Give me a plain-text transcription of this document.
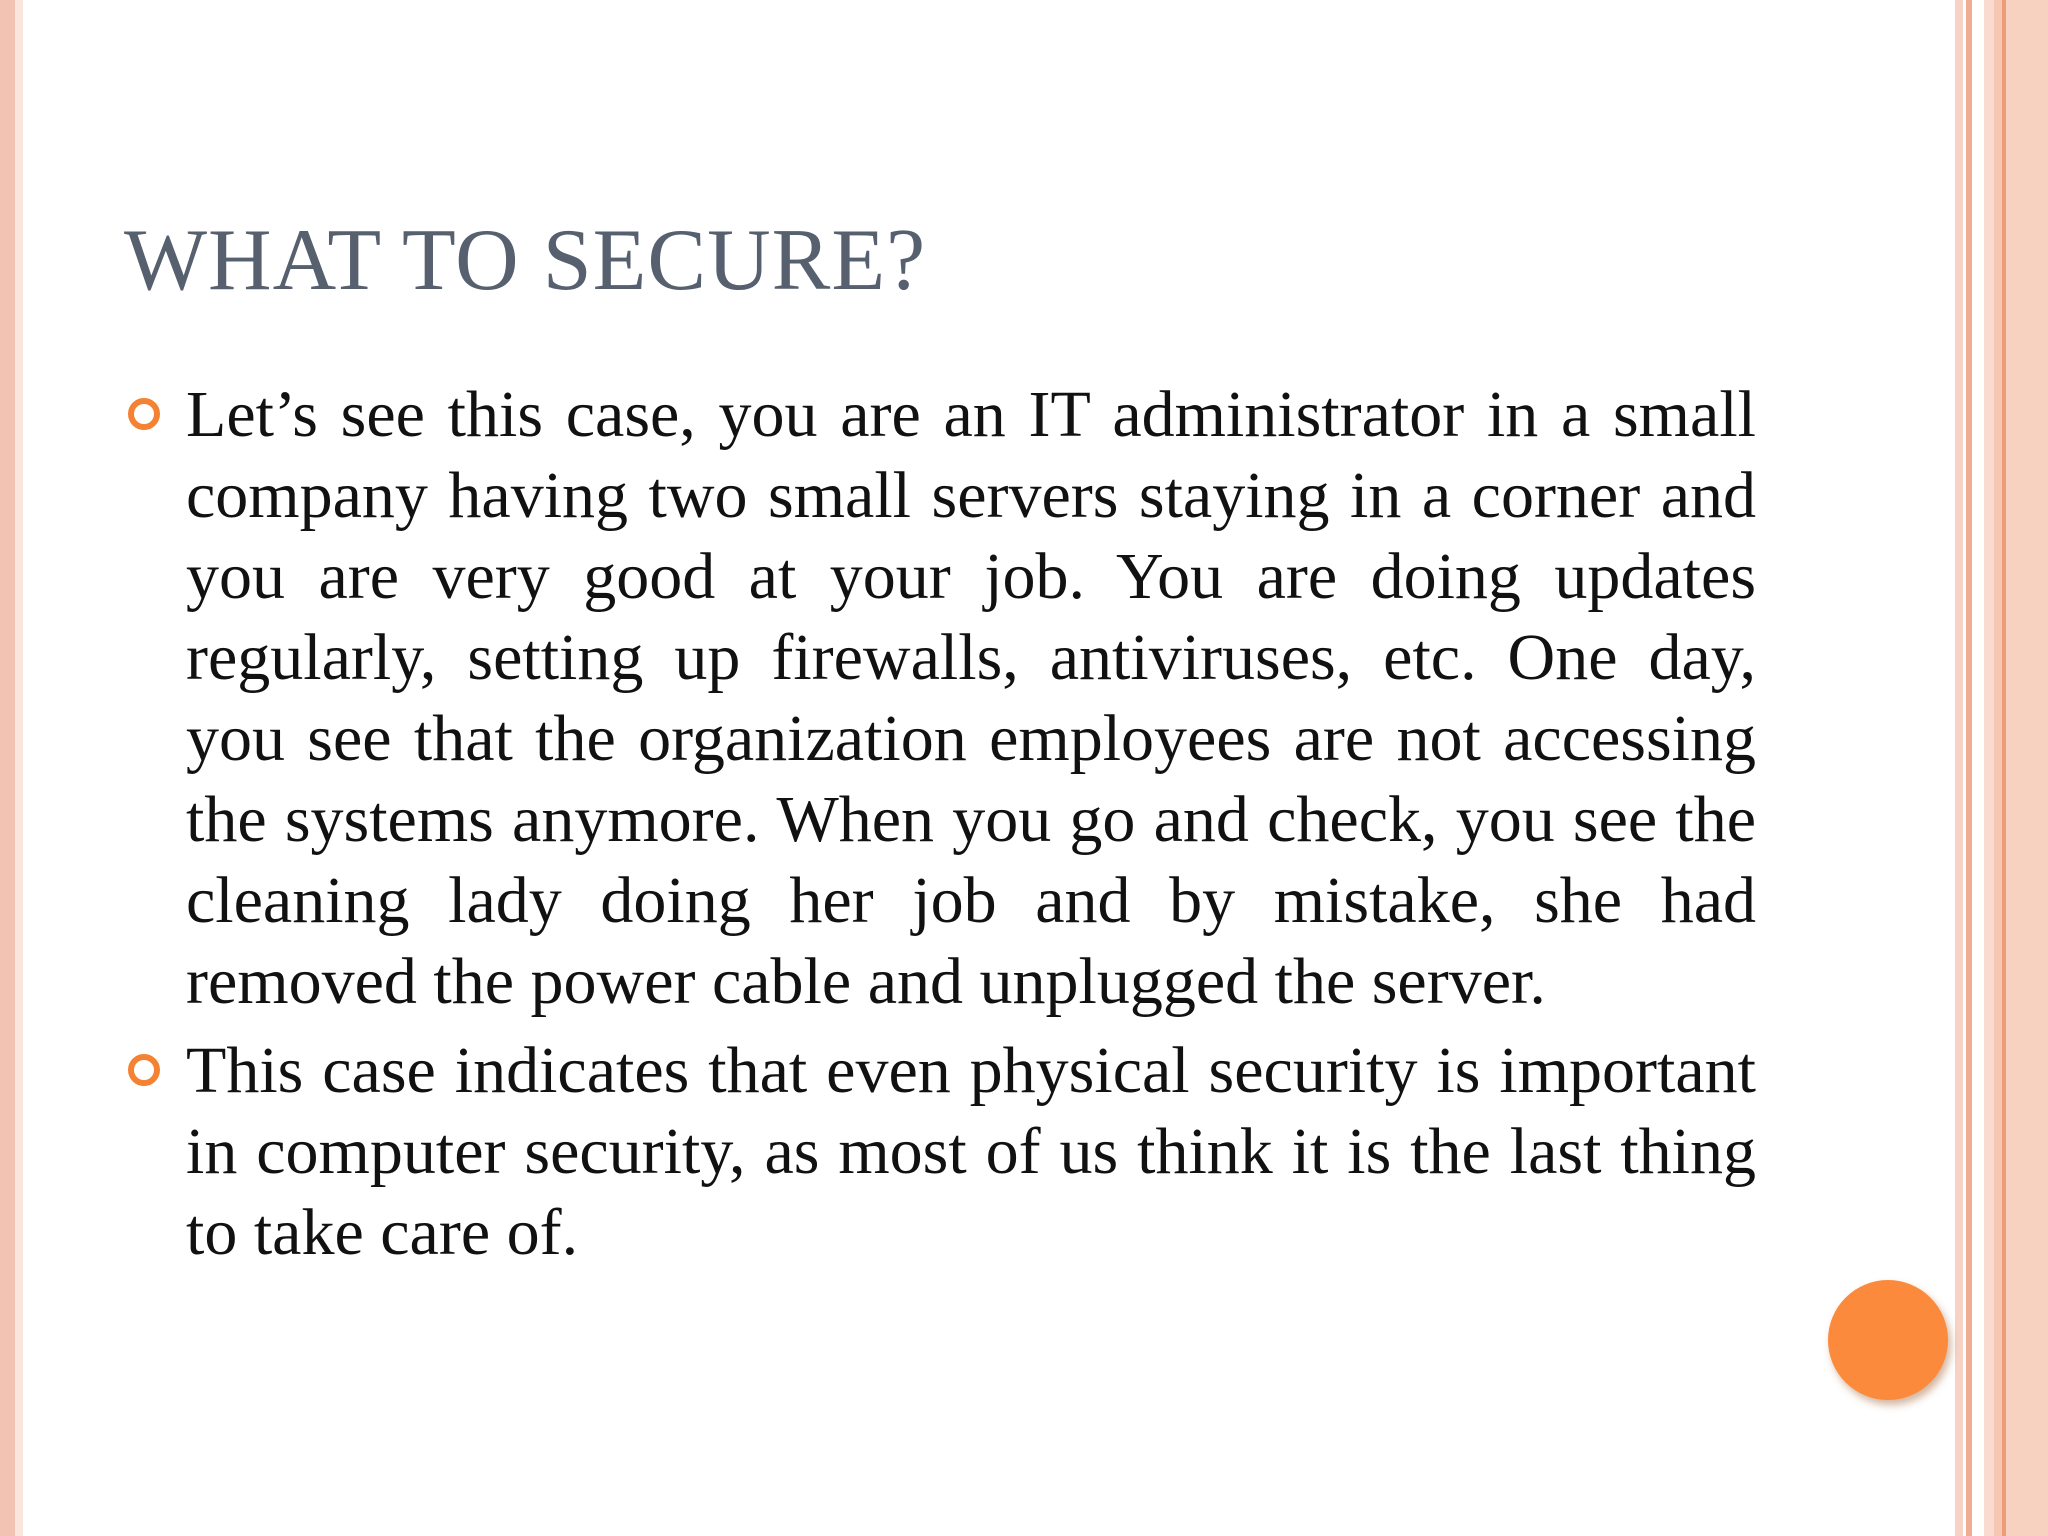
WHAT TO SECURE?
Let’s see this case, you are an IT administrator in a small company having two small servers staying in a corner and you are very good at your job. You are doing updates regularly, setting up firewalls, antiviruses, etc. One day, you see that the organization employees are not accessing the systems anymore. When you go and check, you see the cleaning lady doing her job and by mistake, she had removed the power cable and unplugged the server.
This case indicates that even physical security is important in computer security, as most of us think it is the last thing to take care of.
